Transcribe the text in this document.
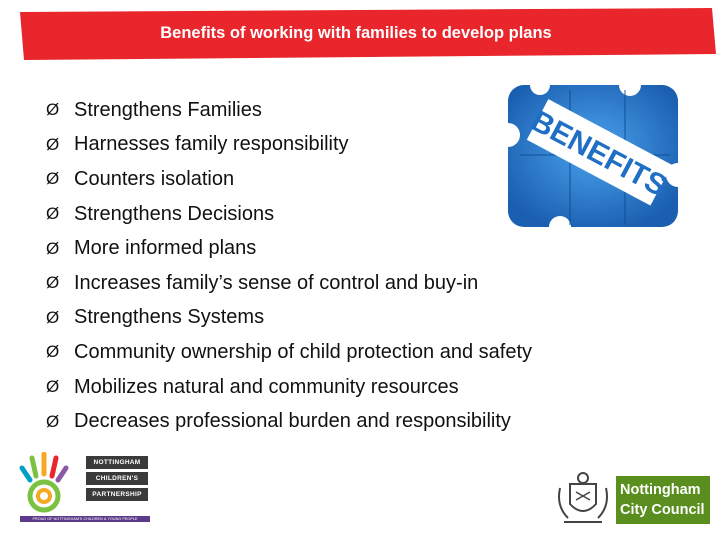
Benefits of working with families to develop plans
Ø Strengthens Families
Ø Harnesses family responsibility
Ø Counters isolation
Ø Strengthens Decisions
Ø More informed plans
Ø Increases family’s sense of control and buy-in
Ø Strengthens Systems
Ø Community ownership of child protection and safety
Ø Mobilizes natural and community resources
Ø Decreases professional burden and responsibility
BENEFITS
NOTTINGHAM
CHILDREN'S
PARTNERSHIP
PROUD OF NOTTINGHAM'S CHILDREN & YOUNG PEOPLE
Nottingham
City Council
